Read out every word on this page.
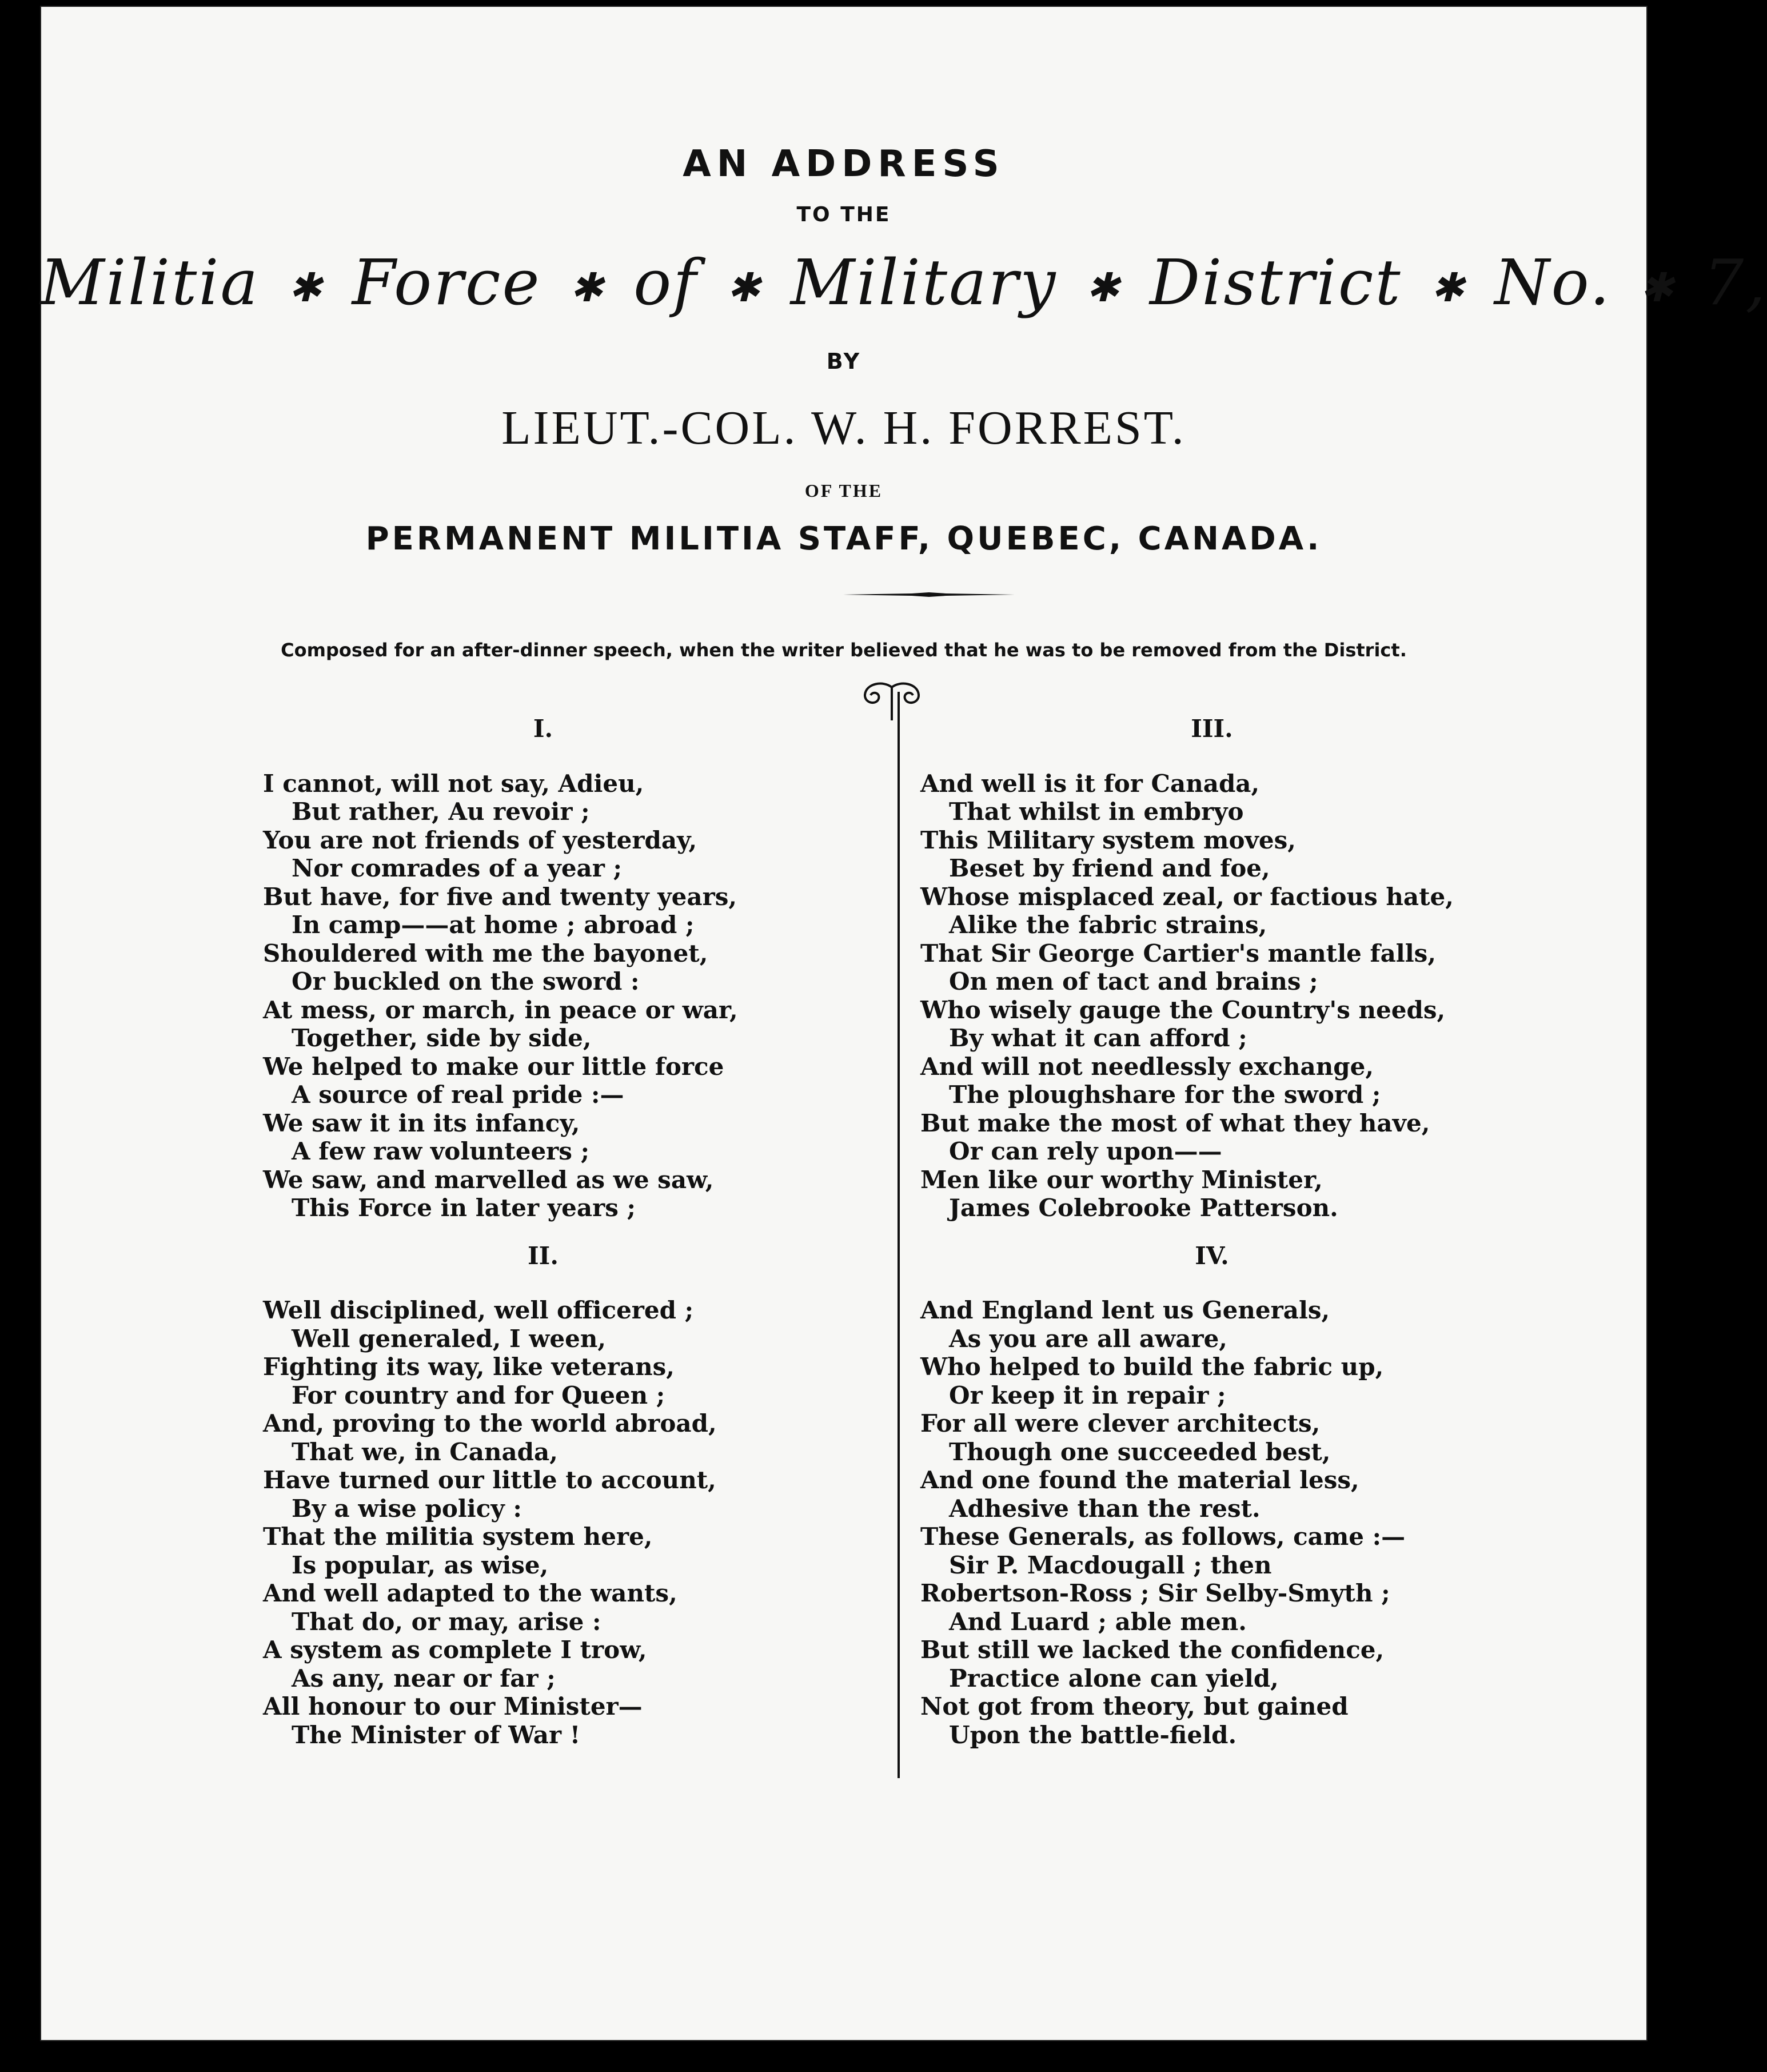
AN ADDRESS
TO THE
Militia ✱ Force ✱ of ✱ Military ✱ District ✱ No. ✱ 7,
BY
LIEUT.-COL. W. H. FORREST.
OF THE
PERMANENT MILITIA STAFF, QUEBEC, CANADA.
Composed for an after-dinner speech, when the writer believed that he was to be removed from the District.
I.
I cannot, will not say, Adieu,
But rather, Au revoir ;
You are not friends of yesterday,
Nor comrades of a year ;
But have, for five and twenty years,
In camp——at home ; abroad ;
Shouldered with me the bayonet,
Or buckled on the sword :
At mess, or march, in peace or war,
Together, side by side,
We helped to make our little force
A source of real pride :—
We saw it in its infancy,
A few raw volunteers ;
We saw, and marvelled as we saw,
This Force in later years ;
II.
Well disciplined, well officered ;
Well generaled, I ween,
Fighting its way, like veterans,
For country and for Queen ;
And, proving to the world abroad,
That we, in Canada,
Have turned our little to account,
By a wise policy :
That the militia system here,
Is popular, as wise,
And well adapted to the wants,
That do, or may, arise :
A system as complete I trow,
As any, near or far ;
All honour to our Minister—
The Minister of War !
III.
And well is it for Canada,
That whilst in embryo
This Military system moves,
Beset by friend and foe,
Whose misplaced zeal, or factious hate,
Alike the fabric strains,
That Sir George Cartier's mantle falls,
On men of tact and brains ;
Who wisely gauge the Country's needs,
By what it can afford ;
And will not needlessly exchange,
The ploughshare for the sword ;
But make the most of what they have,
Or can rely upon——
Men like our worthy Minister,
James Colebrooke Patterson.
IV.
And England lent us Generals,
As you are all aware,
Who helped to build the fabric up,
Or keep it in repair ;
For all were clever architects,
Though one succeeded best,
And one found the material less,
Adhesive than the rest.
These Generals, as follows, came :—
Sir P. Macdougall ; then
Robertson-Ross ; Sir Selby-Smyth ;
And Luard ; able men.
But still we lacked the confidence,
Practice alone can yield,
Not got from theory, but gained
Upon the battle-field.
